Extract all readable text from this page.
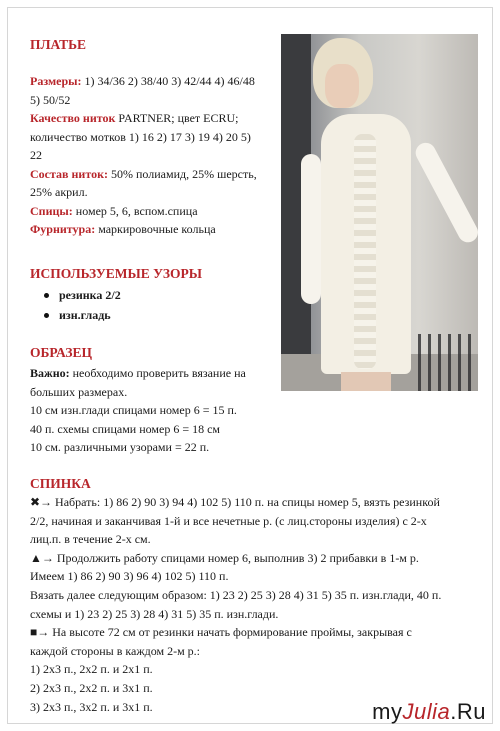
ПЛАТЬЕ
Размеры: 1) 34/36 2) 38/40 3) 42/44 4) 46/48
5) 50/52
Качество ниток PARTNER; цвет ECRU;
количество мотков 1) 16 2) 17 3) 19 4) 20 5)
22
Состав ниток: 50% полиамид, 25% шерсть,
25% акрил.
Спицы: номер 5, 6, вспом.спица
Фурнитура: маркировочные кольца
ИСПОЛЬЗУЕМЫЕ УЗОРЫ
резинка 2/2
изн.гладь
ОБРАЗЕЦ
Важно: необходимо проверить вязание на
больших размерах.
10 см изн.глади спицами номер 6 = 15 п.
40 п. схемы спицами номер 6 = 18 см
10 см. различными узорами = 22 п.
СПИНКА
✖→ Набрать: 1) 86 2) 90 3) 94 4) 102 5) 110 п. на спицы номер 5, вязть резинкой
2/2, начиная и заканчивая 1-й и все нечетные р. (с лиц.стороны изделия) с 2-х
лиц.п. в течение 2-х см.
▲→ Продолжить работу спицами номер 6, выполнив 3) 2 прибавки в 1-м р.
Имеем 1) 86 2) 90 3) 96 4) 102 5) 110 п.
Вязать далее следующим образом: 1) 23 2) 25 3) 28 4) 31 5) 35 п. изн.глади, 40 п.
схемы и 1) 23 2) 25 3) 28 4) 31 5) 35 п. изн.глади.
■→ На высоте 72 см от резинки начать формирование проймы, закрывая с
каждой стороны в каждом 2-м р.:
1) 2x3 п., 2x2 п. и 2x1 п.
2) 2x3 п., 2x2 п. и 3x1 п.
3) 2x3 п., 3x2 п. и 3x1 п.	myJulia.Ru
